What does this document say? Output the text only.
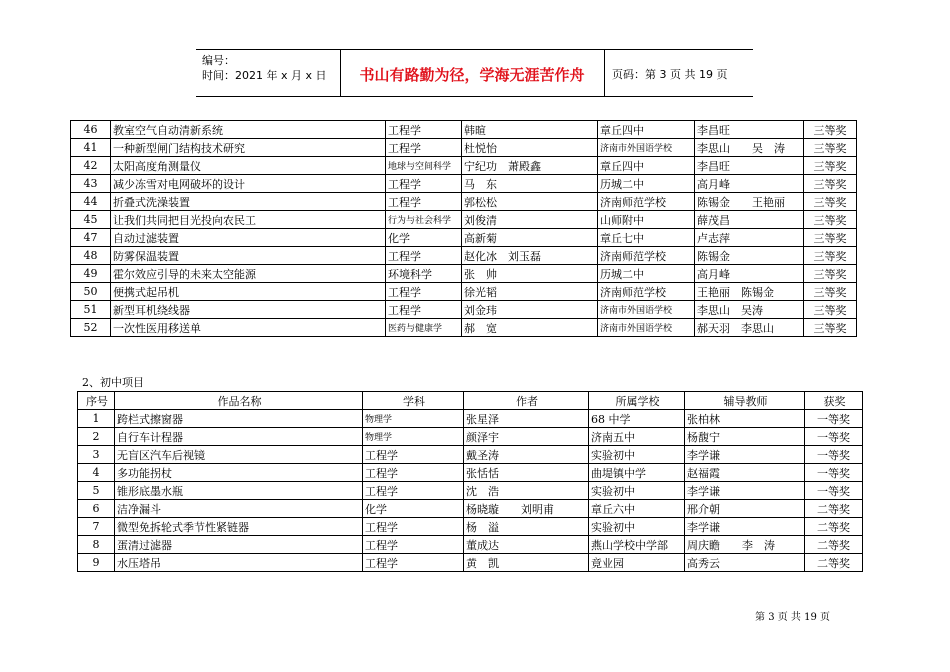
编号：
时间：2021 年 x 月 x 日	书山有路勤为径，学海无涯苦作舟	页码：第 3 页 共 19 页
46	教室空气自动清新系统	工程学	韩暄	章丘四中	李昌旺	三等奖
41	一种新型闸门结构技术研究	工程学	杜悦怡	济南市外国语学校	李思山　　吴　涛	三等奖
42	太阳高度角测量仪	地球与空间科学	宁纪功　萧殿鑫	章丘四中	李昌旺	三等奖
43	减少冻雪对电网破坏的设计	工程学	马　东	历城二中	高月峰	三等奖
44	折叠式洗澡装置	工程学	郭松松	济南师范学校	陈锡金　　王艳丽	三等奖
45	让我们共同把目光投向农民工	行为与社会科学	刘俊清	山师附中	薛茂昌	三等奖
47	自动过滤装置	化学	高新菊	章丘七中	卢志萍	三等奖
48	防雾保温装置	工程学	赵化冰　刘玉磊	济南师范学校	陈锡金	三等奖
49	霍尔效应引导的未来太空能源	环境科学	张　帅	历城二中	高月峰	三等奖
50	便携式起吊机	工程学	徐光韬	济南师范学校	王艳丽　陈锡金	三等奖
51	新型耳机绕线器	工程学	刘金玮	济南市外国语学校	李思山　吴涛	三等奖
52	一次性医用移送单	医药与健康学	郝　宽	济南市外国语学校	郝天羽　李思山	三等奖
2、初中项目
序号	作品名称	学科	作者	所属学校	辅导教师	获奖
1	跨栏式擦窗器	物理学	张星泽	68 中学	张柏林	一等奖
2	自行车计程器	物理学	颜泽宇	济南五中	杨馥宁	一等奖
3	无盲区汽车后视镜	工程学	戴圣涛	实验初中	李学谦	一等奖
4	多功能拐杖	工程学	张恬恬	曲堤镇中学	赵福霞	一等奖
5	锥形底墨水瓶	工程学	沈　浩	实验初中	李学谦	一等奖
6	洁净漏斗	化学	杨晓璇　　刘明甫	章丘六中	邢介朝	二等奖
7	微型免拆轮式季节性紧链器	工程学	杨　溢	实验初中	李学谦	二等奖
8	蛋清过滤器	工程学	董成达	燕山学校中学部	周庆瞻　　李　涛	二等奖
9	水压塔吊	工程学	黄　凯	竟业园	高秀云	二等奖
第 3 页 共 19 页
